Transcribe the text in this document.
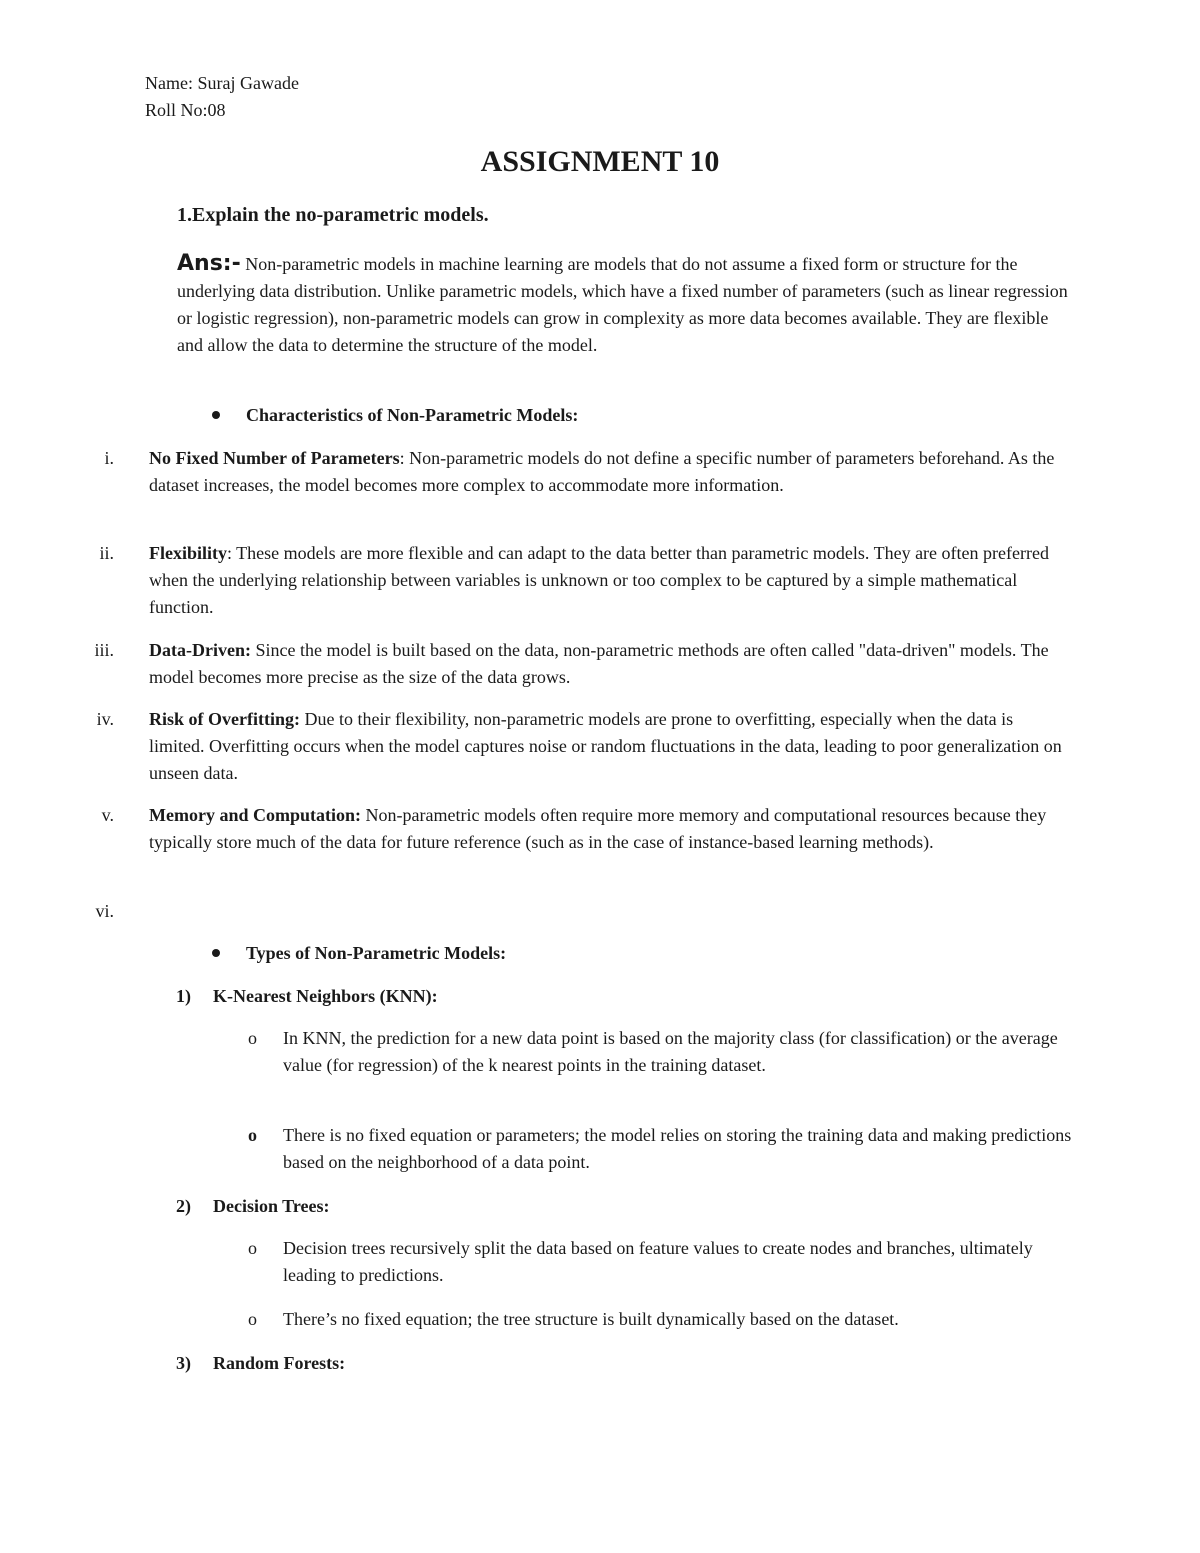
Name: Suraj Gawade
Roll No:08
ASSIGNMENT 10
1.Explain the no-parametric models.
Ans:- Non-parametric models in machine learning are models that do not assume a fixed form or structure for the underlying data distribution. Unlike parametric models, which have a fixed number of parameters (such as linear regression or logistic regression), non-parametric models can grow in complexity as more data becomes available. They are flexible and allow the data to determine the structure of the model.
Characteristics of Non-Parametric Models:
i. No Fixed Number of Parameters: Non-parametric models do not define a specific number of parameters beforehand. As the dataset increases, the model becomes more complex to accommodate more information.
ii. Flexibility: These models are more flexible and can adapt to the data better than parametric models. They are often preferred when the underlying relationship between variables is unknown or too complex to be captured by a simple mathematical function.
iii. Data-Driven: Since the model is built based on the data, non-parametric methods are often called "data-driven" models. The model becomes more precise as the size of the data grows.
iv. Risk of Overfitting: Due to their flexibility, non-parametric models are prone to overfitting, especially when the data is limited. Overfitting occurs when the model captures noise or random fluctuations in the data, leading to poor generalization on unseen data.
v. Memory and Computation: Non-parametric models often require more memory and computational resources because they typically store much of the data for future reference (such as in the case of instance-based learning methods).
vi.
Types of Non-Parametric Models:
1) K-Nearest Neighbors (KNN):
o In KNN, the prediction for a new data point is based on the majority class (for classification) or the average value (for regression) of the k nearest points in the training dataset.
o There is no fixed equation or parameters; the model relies on storing the training data and making predictions based on the neighborhood of a data point.
2) Decision Trees:
o Decision trees recursively split the data based on feature values to create nodes and branches, ultimately leading to predictions.
o There’s no fixed equation; the tree structure is built dynamically based on the dataset.
3) Random Forests:
